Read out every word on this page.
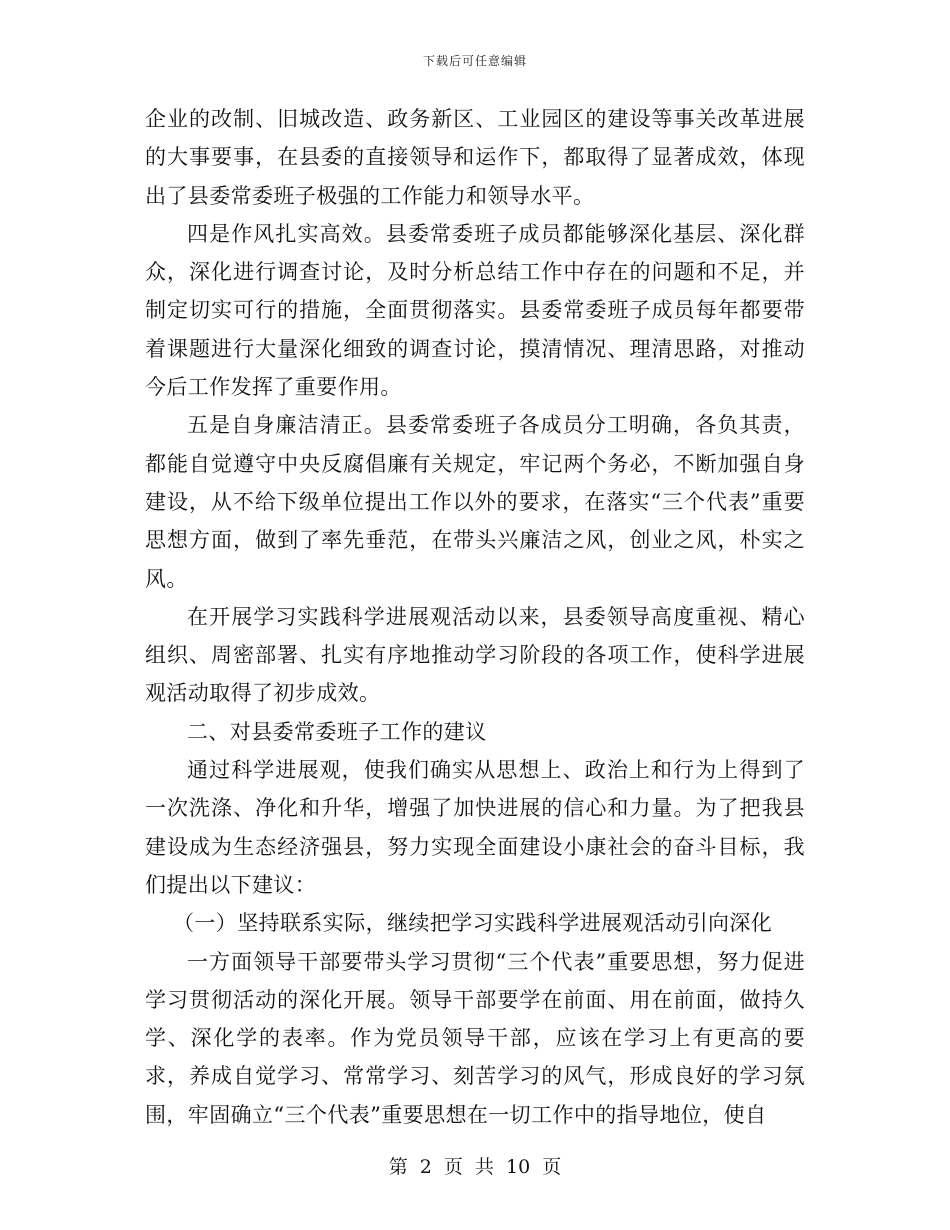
下载后可任意编辑

企业的改制、旧城改造、政务新区、工业园区的建设等事关改革进展的大事要事，在县委的直接领导和运作下，都取得了显著成效，体现出了县委常委班子极强的工作能力和领导水平。

四是作风扎实高效。县委常委班子成员都能够深化基层、深化群众，深化进行调查讨论，及时分析总结工作中存在的问题和不足，并制定切实可行的措施，全面贯彻落实。县委常委班子成员每年都要带着课题进行大量深化细致的调查讨论，摸清情况、理清思路，对推动今后工作发挥了重要作用。

五是自身廉洁清正。县委常委班子各成员分工明确，各负其责，都能自觉遵守中央反腐倡廉有关规定，牢记两个务必，不断加强自身建设，从不给下级单位提出工作以外的要求，在落实“三个代表”重要思想方面，做到了率先垂范，在带头兴廉洁之风，创业之风，朴实之风。

在开展学习实践科学进展观活动以来，县委领导高度重视、精心组织、周密部署、扎实有序地推动学习阶段的各项工作，使科学进展观活动取得了初步成效。

二、对县委常委班子工作的建议

通过科学进展观，使我们确实从思想上、政治上和行为上得到了一次洗涤、净化和升华，增强了加快进展的信心和力量。为了把我县建设成为生态经济强县，努力实现全面建设小康社会的奋斗目标，我们提出以下建议：

（一）坚持联系实际，继续把学习实践科学进展观活动引向深化

一方面领导干部要带头学习贯彻“三个代表”重要思想，努力促进学习贯彻活动的深化开展。领导干部要学在前面、用在前面，做持久学、深化学的表率。作为党员领导干部，应该在学习上有更高的要求，养成自觉学习、常常学习、刻苦学习的风气，形成良好的学习氛围，牢固确立“三个代表”重要思想在一切工作中的指导地位，使自

第 2 页 共 10 页
